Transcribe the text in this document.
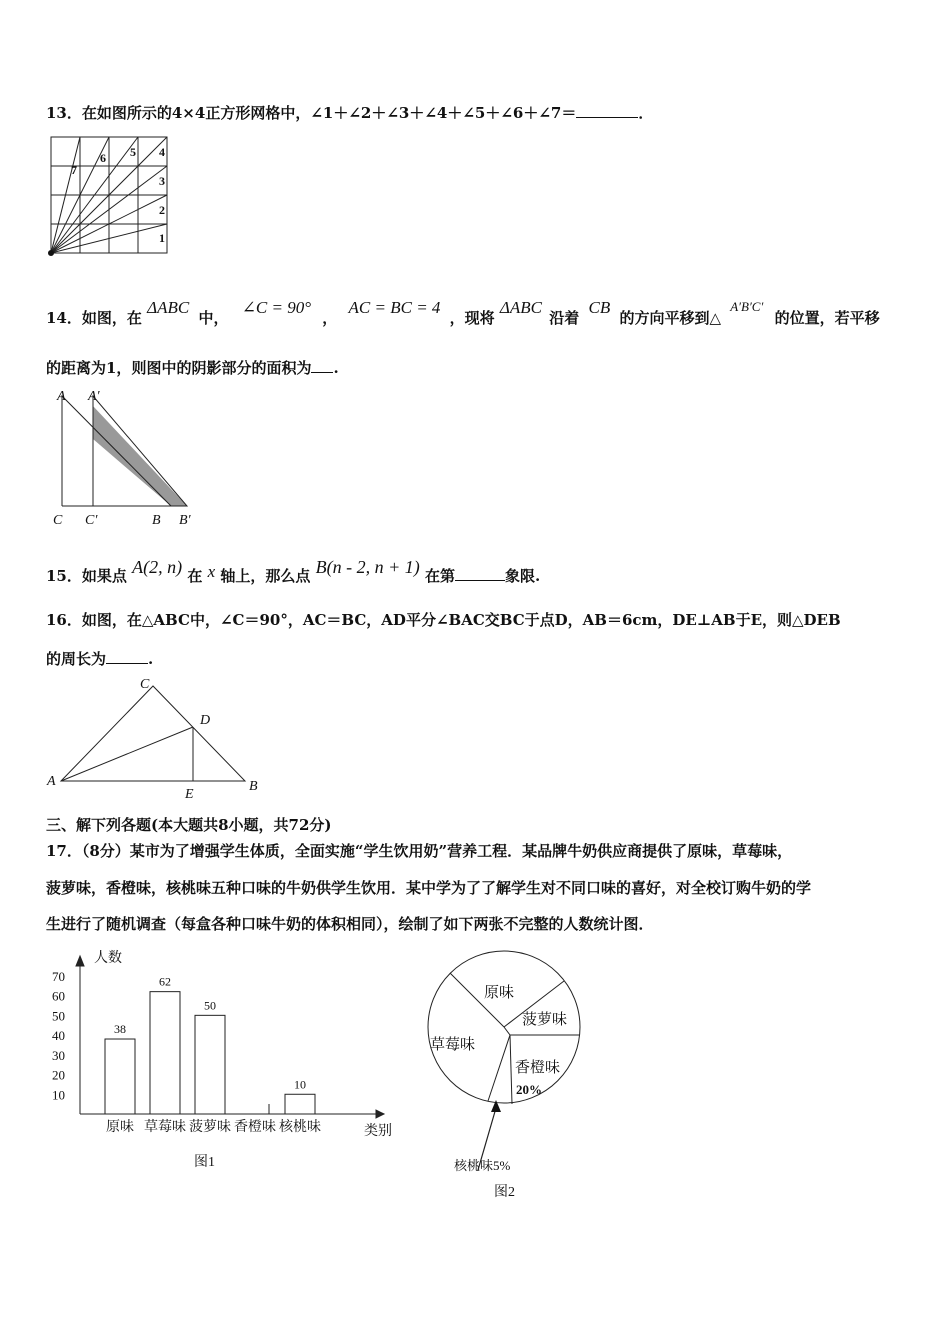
13．在如图所示的4×4正方形网格中，∠1＋∠2＋∠3＋∠4＋∠5＋∠6＋∠7＝	．
1
2
3
4
5
6
7
14．如图，在 ΔABC 中， ∠C = 90° ， AC = BC = 4 ，现将 ΔABC 沿着 CB 的方向平移到△ A′B′C′ 的位置，若平移
的距离为1，则图中的阴影部分的面积为 .
A A′
C C′	B B′
15．如果点 A(2, n) 在 x 轴上，那么点 B(n - 2, n + 1) 在第	象限.
16．如图，在△ABC中，∠C＝90°，AC＝BC，AD平分∠BAC交BC于点D，AB＝6cm，DE⊥AB于E，则△DEB
的周长为	.
A	B
C
D
E
三、解下列各题(本大题共8小题，共72分)
17．（8分）某市为了增强学生体质，全面实施“学生饮用奶”营养工程．某品牌牛奶供应商提供了原味，草莓味，
菠萝味，香橙味，核桃味五种口味的牛奶供学生饮用．某中学为了了解学生对不同口味的喜好，对全校订购牛奶的学
生进行了随机调查（每盒各种口味牛奶的体积相同），绘制了如下两张不完整的人数统计图．
10
20
30
40
50
60
70
38
62
50
10
原味 草莓味 菠萝味 香橙味 核桃味
人数
类别
图1
原味
菠萝味
香橙味
草莓味
20%
核桃味5%
图2
